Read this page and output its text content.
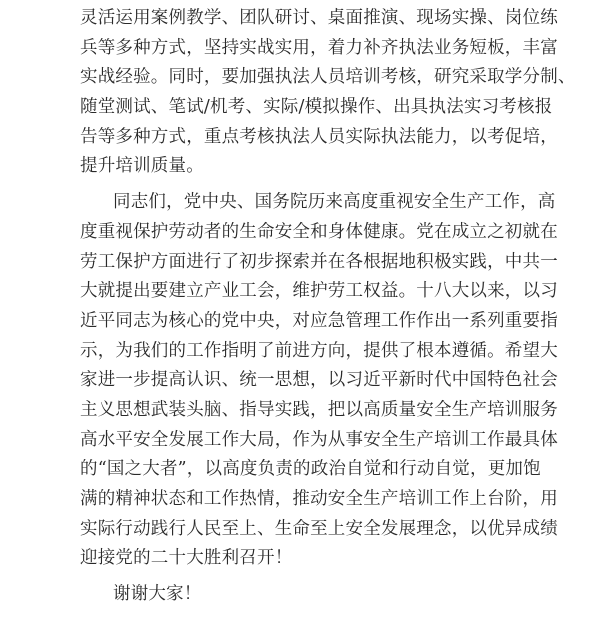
灵活运用案例教学、团队研讨、桌面推演、现场实操、岗位练
兵等多种方式，坚持实战实用，着力补齐执法业务短板，丰富
实战经验。同时，要加强执法人员培训考核，研究采取学分制、
随堂测试、笔试/机考、实际/模拟操作、出具执法实习考核报
告等多种方式，重点考核执法人员实际执法能力，以考促培，
提升培训质量。
同志们，党中央、国务院历来高度重视安全生产工作，高
度重视保护劳动者的生命安全和身体健康。党在成立之初就在
劳工保护方面进行了初步探索并在各根据地积极实践，中共一
大就提出要建立产业工会，维护劳工权益。十八大以来，以习
近平同志为核心的党中央，对应急管理工作作出一系列重要指
示，为我们的工作指明了前进方向，提供了根本遵循。希望大
家进一步提高认识、统一思想，以习近平新时代中国特色社会
主义思想武装头脑、指导实践，把以高质量安全生产培训服务
高水平安全发展工作大局，作为从事安全生产培训工作最具体
的“国之大者”，以高度负责的政治自觉和行动自觉，更加饱
满的精神状态和工作热情，推动安全生产培训工作上台阶，用
实际行动践行人民至上、生命至上安全发展理念，以优异成绩
迎接党的二十大胜利召开！
谢谢大家！
